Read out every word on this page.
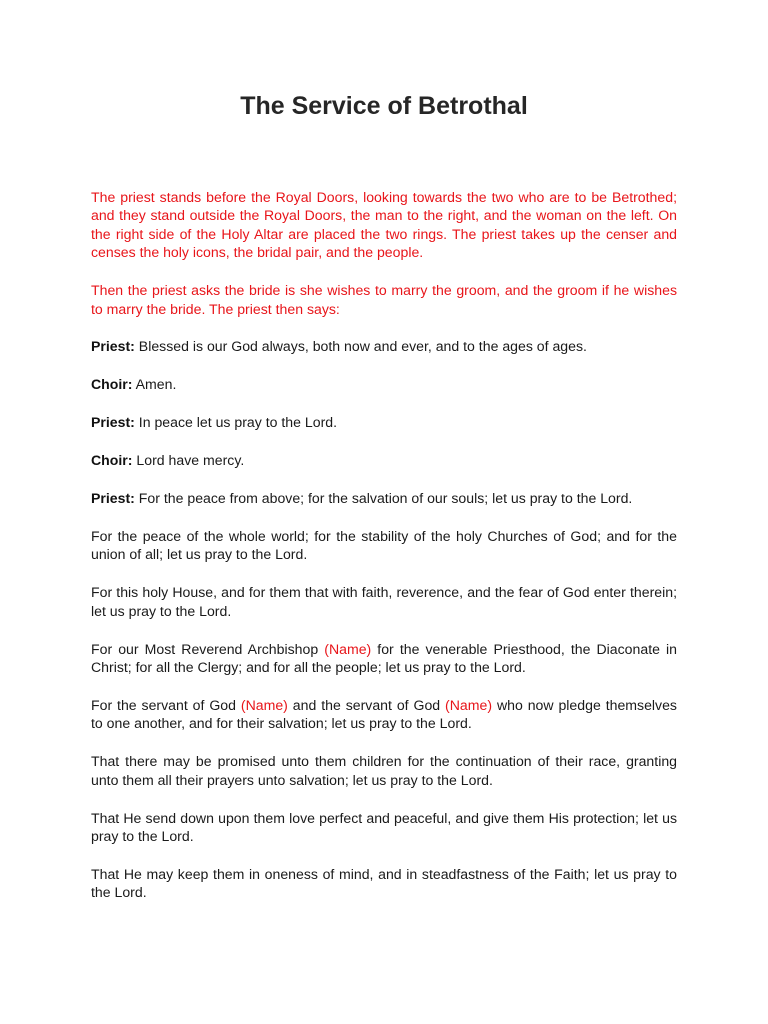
The Service of Betrothal

The priest stands before the Royal Doors, looking towards the two who are to be Betrothed; and they stand outside the Royal Doors, the man to the right, and the woman on the left. On the right side of the Holy Altar are placed the two rings. The priest takes up the censer and censes the holy icons, the bridal pair, and the people.

Then the priest asks the bride is she wishes to marry the groom, and the groom if he wishes to marry the bride. The priest then says:

Priest: Blessed is our God always, both now and ever, and to the ages of ages.

Choir: Amen.

Priest: In peace let us pray to the Lord.

Choir: Lord have mercy.

Priest: For the peace from above; for the salvation of our souls; let us pray to the Lord.

For the peace of the whole world; for the stability of the holy Churches of God; and for the union of all; let us pray to the Lord.

For this holy House, and for them that with faith, reverence, and the fear of God enter therein; let us pray to the Lord.

For our Most Reverend Archbishop (Name) for the venerable Priesthood, the Diaconate in Christ; for all the Clergy; and for all the people; let us pray to the Lord.

For the servant of God (Name) and the servant of God (Name) who now pledge themselves to one another, and for their salvation; let us pray to the Lord.

That there may be promised unto them children for the continuation of their race, granting unto them all their prayers unto salvation; let us pray to the Lord.

That He send down upon them love perfect and peaceful, and give them His protection; let us pray to the Lord.

That He may keep them in oneness of mind, and in steadfastness of the Faith; let us pray to the Lord.
